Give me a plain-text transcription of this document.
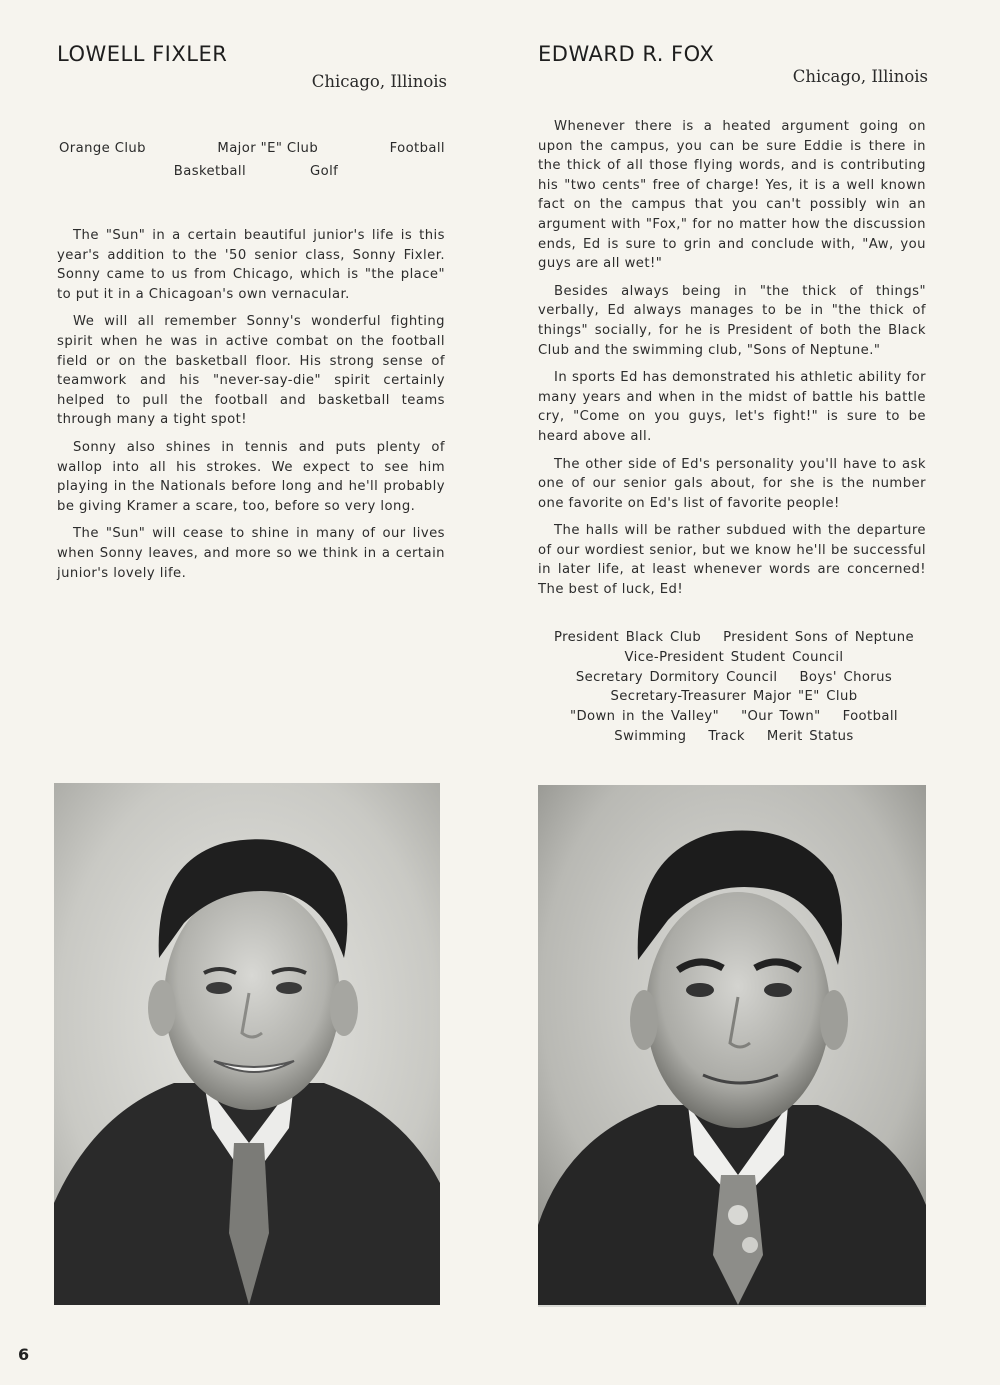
LOWELL FIXLER
Chicago, Illinois
Orange Club	Major "E" Club	Football
Basketball	Golf

The "Sun" in a certain beautiful junior's life is this year's addition to the '50 senior class, Sonny Fixler. Sonny came to us from Chicago, which is "the place" to put it in a Chicagoan's own vernacular.

We will all remember Sonny's wonderful fighting spirit when he was in active combat on the football field or on the basketball floor. His strong sense of teamwork and his "never-say-die" spirit certainly helped to pull the football and basketball teams through many a tight spot!

Sonny also shines in tennis and puts plenty of wallop into all his strokes. We expect to see him playing in the Nationals before long and he'll probably be giving Kramer a scare, too, before so very long.

The "Sun" will cease to shine in many of our lives when Sonny leaves, and more so we think in a certain junior's lovely life.

EDWARD R. FOX
Chicago, Illinois

Whenever there is a heated argument going on upon the campus, you can be sure Eddie is there in the thick of all those flying words, and is contributing his "two cents" free of charge! Yes, it is a well known fact on the campus that you can't possibly win an argument with "Fox," for no matter how the discussion ends, Ed is sure to grin and conclude with, "Aw, you guys are all wet!"

Besides always being in "the thick of things" verbally, Ed always manages to be in "the thick of things" socially, for he is President of both the Black Club and the swimming club, "Sons of Neptune."

In sports Ed has demonstrated his athletic ability for many years and when in the midst of battle his battle cry, "Come on you guys, let's fight!" is sure to be heard above all.

The other side of Ed's personality you'll have to ask one of our senior gals about, for she is the number one favorite on Ed's list of favorite people!

The halls will be rather subdued with the departure of our wordiest senior, but we know he'll be successful in later life, at least whenever words are concerned! The best of luck, Ed!

President Black Club President Sons of Neptune
Vice-President Student Council
Secretary Dormitory Council Boys' Chorus
Secretary-Treasurer Major "E" Club
"Down in the Valley" "Our Town" Football
Swimming Track Merit Status
6
